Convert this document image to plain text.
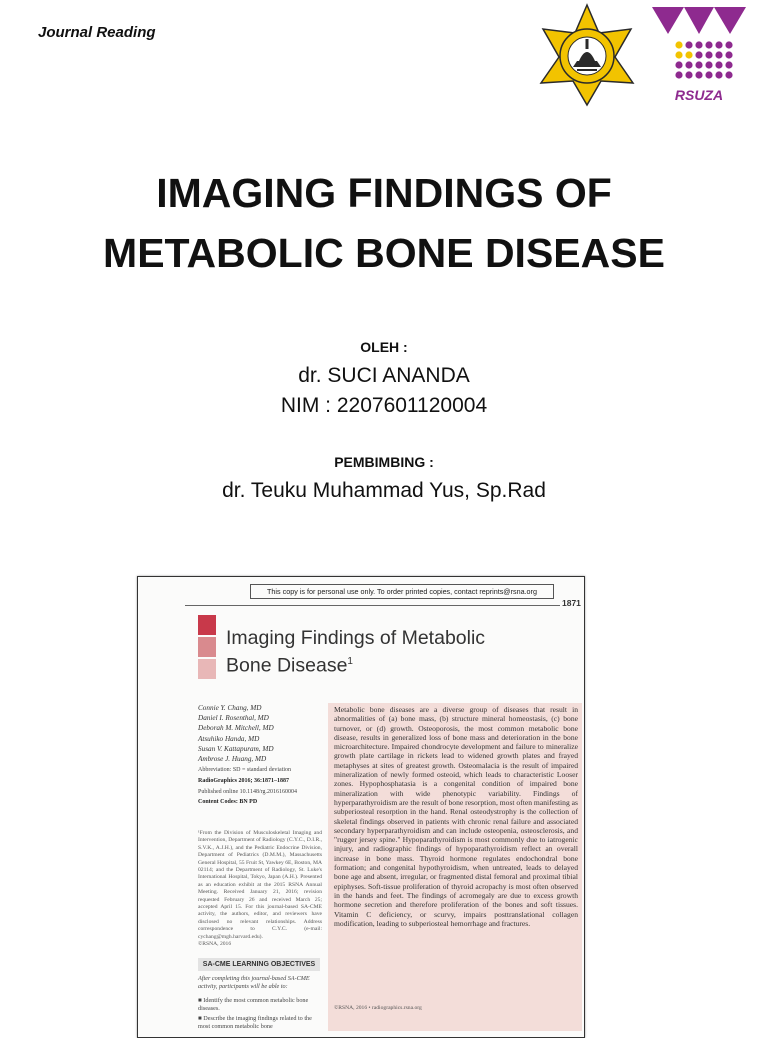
Journal Reading
RSUZA
IMAGING FINDINGS OF
METABOLIC BONE DISEASE
OLEH :
dr. SUCI ANANDA
NIM : 2207601120004
PEMBIMBING :
dr. Teuku Muhammad Yus, Sp.Rad
This copy is for personal use only. To order printed copies, contact reprints@rsna.org
1871
Imaging Findings of Metabolic
Bone Disease$^1$
Connie Y. Chang, MD
Daniel I. Rosenthal, MD
Deborah M. Mitchell, MD
Atsuhiko Handa, MD
Susan V. Kattapuram, MD
Ambrose J. Huang, MD

Abbreviation: SD = standard deviation

RadioGraphics 2016; 36:1871–1887

Published online 10.1148/rg.2016160004

Content Codes: BN PD

¹From the Division of Musculoskeletal Imaging and Intervention, Department of Radiology (C.Y.C., D.I.R., S.V.K., A.J.H.), and the Pediatric Endocrine Division, Department of Pediatrics (D.M.M.), Massachusetts General Hospital, 55 Fruit St, Yawkey 6E, Boston, MA 02114; and the Department of Radiology, St. Luke's International Hospital, Tokyo, Japan (A.H.). Presented as an education exhibit at the 2015 RSNA Annual Meeting. Received January 21, 2016; revision requested February 26 and received March 25; accepted April 15. For this journal-based SA-CME activity, the authors, editor, and reviewers have disclosed no relevant relationships. Address correspondence to C.Y.C. (e-mail: cychang@mgh.harvard.edu).
©RSNA, 2016
SA-CME LEARNING OBJECTIVES
After completing this journal-based SA-CME activity, participants will be able to:
■ Identify the most common metabolic bone diseases.
■ Describe the imaging findings related to the most common metabolic bone
Metabolic bone diseases are a diverse group of diseases that result in abnormalities of (a) bone mass, (b) structure mineral homeostasis, (c) bone turnover, or (d) growth. Osteoporosis, the most common metabolic bone disease, results in generalized loss of bone mass and deterioration in the bone microarchitecture. Impaired chondrocyte development and failure to mineralize growth plate cartilage in rickets lead to widened growth plates and frayed metaphyses at sites of greatest growth. Osteomalacia is the result of impaired mineralization of newly formed osteoid, which leads to characteristic Looser zones. Hypophosphatasia is a congenital condition of impaired bone mineralization with wide phenotypic variability. Findings of hyperparathyroidism are the result of bone resorption, most often manifesting as subperiosteal resorption in the hand. Renal osteodystrophy is the collection of skeletal findings observed in patients with chronic renal failure and associated secondary hyperparathyroidism and can include osteopenia, osteosclerosis, and "rugger jersey spine." Hypoparathyroidism is most commonly due to iatrogenic injury, and radiographic findings of hypoparathyroidism reflect an overall increase in bone mass. Thyroid hormone regulates endochondral bone formation; and congenital hypothyroidism, when untreated, leads to delayed bone age and absent, irregular, or fragmented distal femoral and proximal tibial epiphyses. Soft-tissue proliferation of thyroid acropachy is most often observed in the hands and feet. The findings of acromegaly are due to excess growth hormone secretion and therefore proliferation of the bones and soft tissues. Vitamin C deficiency, or scurvy, impairs posttranslational collagen modification, leading to subperiosteal hemorrhage and fractures.
©RSNA, 2016 • radiographics.rsna.org
